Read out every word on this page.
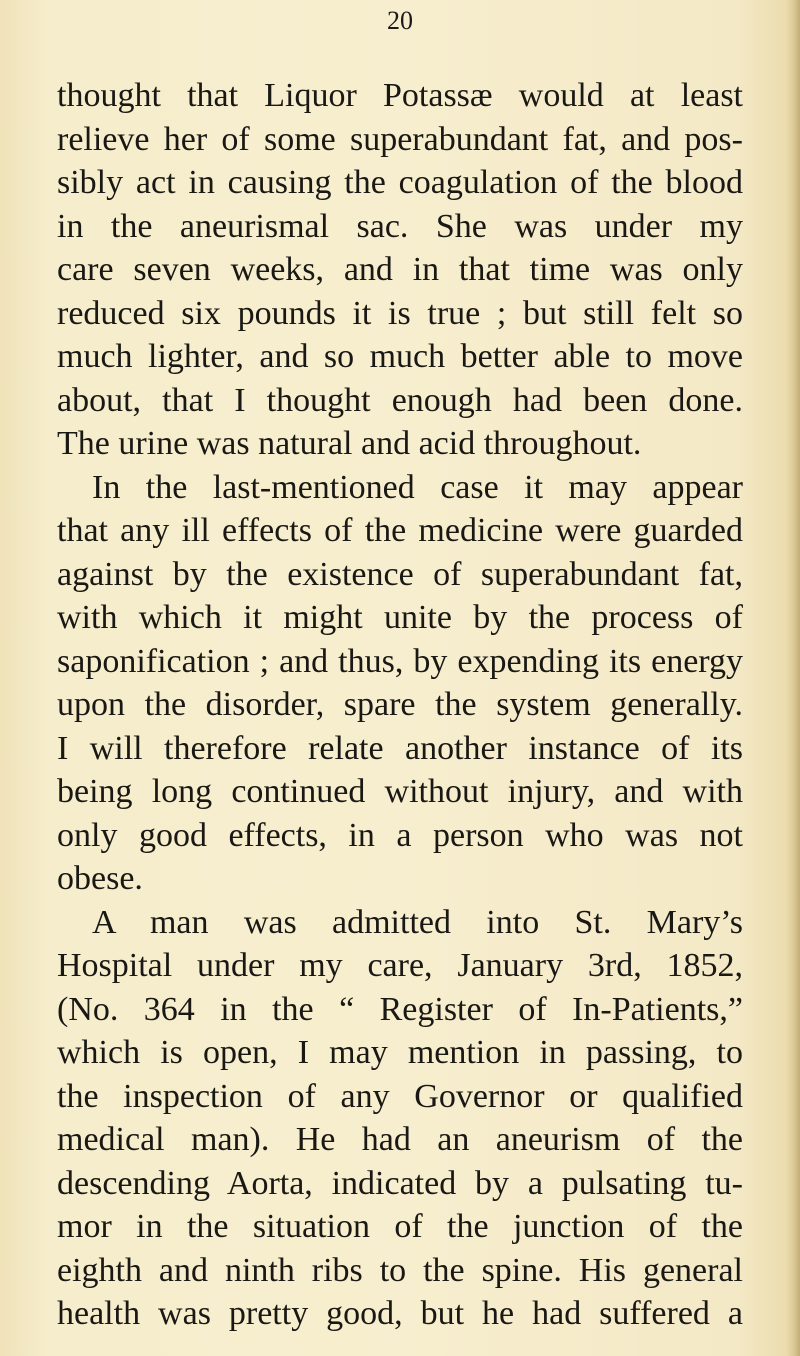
20

thought that Liquor Potassæ would at least
relieve her of some superabundant fat, and pos-
sibly act in causing the coagulation of the blood
in the aneurismal sac. She was under my
care seven weeks, and in that time was only
reduced six pounds it is true ; but still felt so
much lighter, and so much better able to move
about, that I thought enough had been done.
The urine was natural and acid throughout.
In the last-mentioned case it may appear
that any ill effects of the medicine were guarded
against by the existence of superabundant fat,
with which it might unite by the process of
saponification ; and thus, by expending its energy
upon the disorder, spare the system generally.
I will therefore relate another instance of its
being long continued without injury, and with
only good effects, in a person who was not
obese.
A man was admitted into St. Mary’s
Hospital under my care, January 3rd, 1852,
(No. 364 in the “ Register of In-Patients,”
which is open, I may mention in passing, to
the inspection of any Governor or qualified
medical man). He had an aneurism of the
descending Aorta, indicated by a pulsating tu-
mor in the situation of the junction of the
eighth and ninth ribs to the spine. His general
health was pretty good, but he had suffered a
